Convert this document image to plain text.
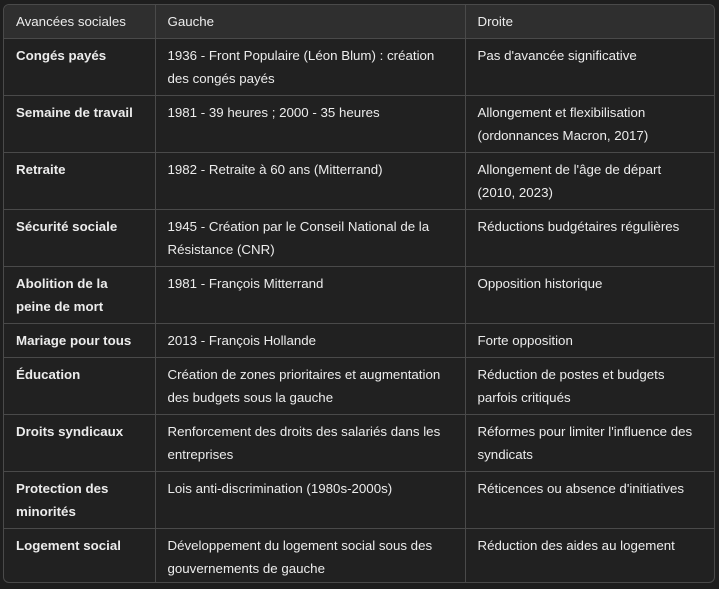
Avancées sociales	Gauche	Droite
Congés payés	1936 - Front Populaire (Léon Blum) : création des congés payés	Pas d'avancée significative
Semaine de travail	1981 - 39 heures ; 2000 - 35 heures	Allongement et flexibilisation (ordonnances Macron, 2017)
Retraite	1982 - Retraite à 60 ans (Mitterrand)	Allongement de l'âge de départ (2010, 2023)
Sécurité sociale	1945 - Création par le Conseil National de la Résistance (CNR)	Réductions budgétaires régulières
Abolition de la peine de mort	1981 - François Mitterrand	Opposition historique
Mariage pour tous	2013 - François Hollande	Forte opposition
Éducation	Création de zones prioritaires et augmentation des budgets sous la gauche	Réduction de postes et budgets parfois critiqués
Droits syndicaux	Renforcement des droits des salariés dans les entreprises	Réformes pour limiter l'influence des syndicats
Protection des minorités	Lois anti-discrimination (1980s-2000s)	Réticences ou absence d'initiatives
Logement social	Développement du logement social sous des gouvernements de gauche	Réduction des aides au logement
